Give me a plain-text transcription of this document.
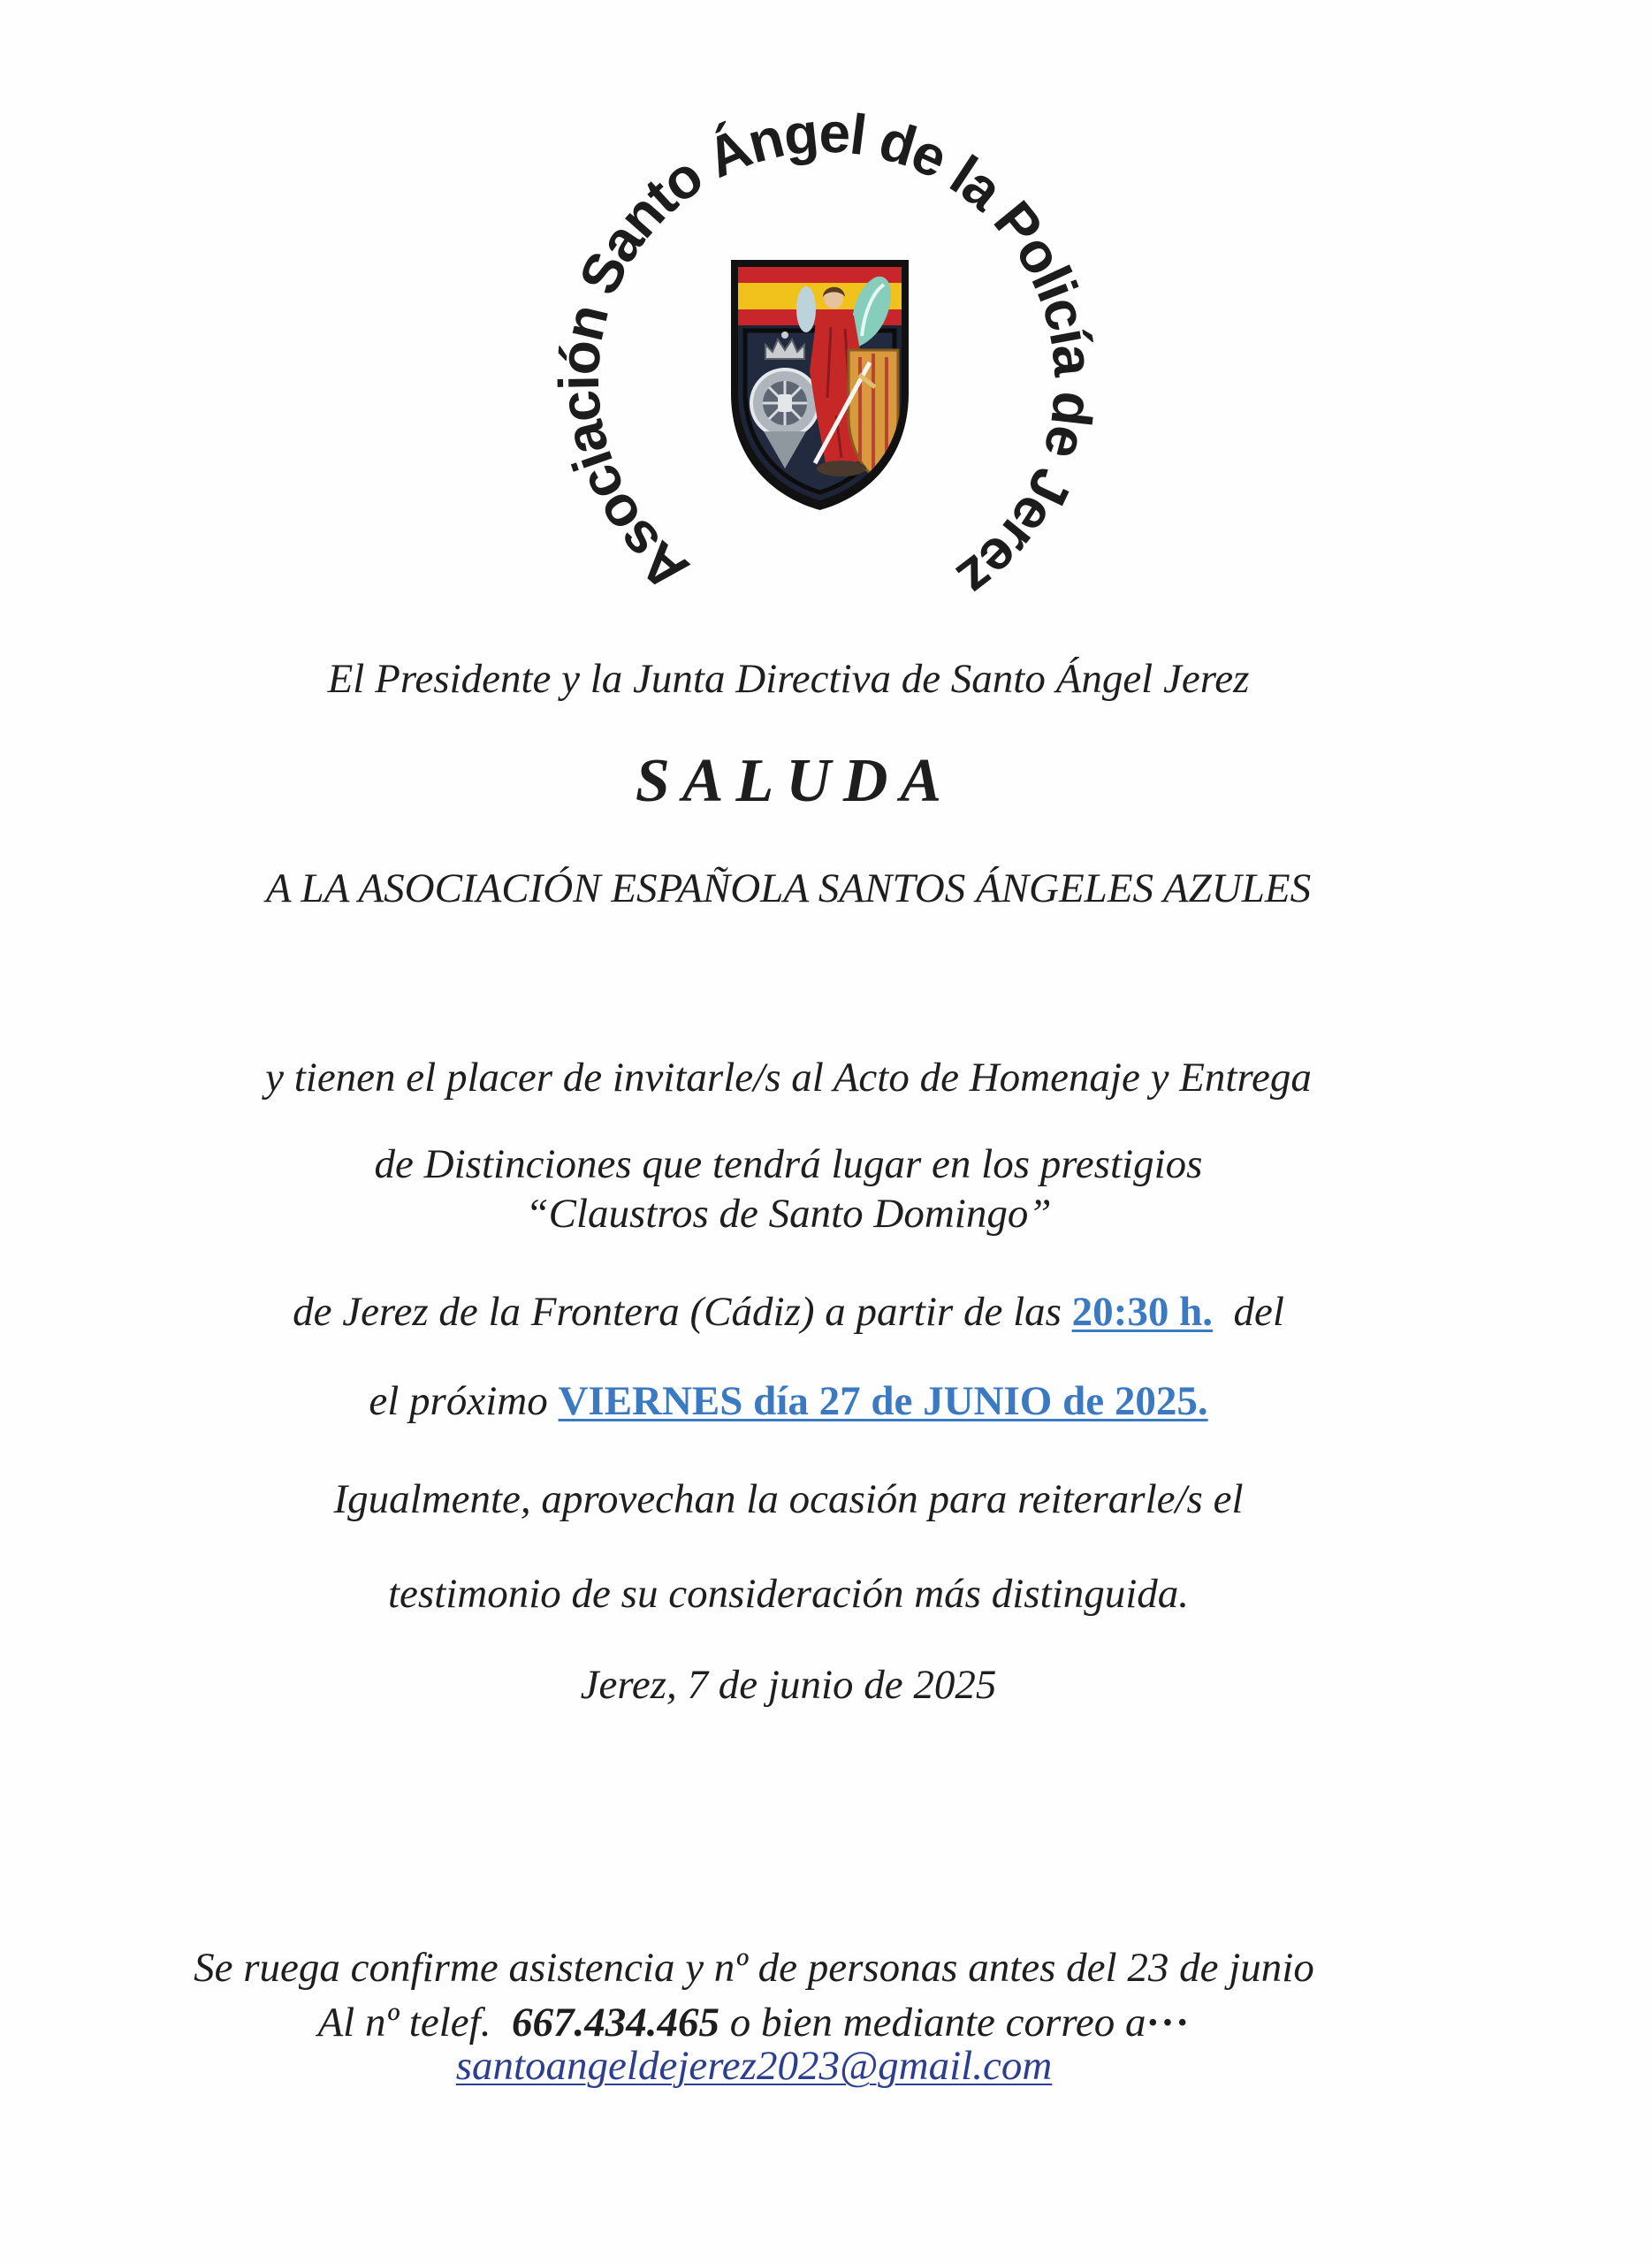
Asociación Santo Ángel de la Policía de Jerez
El Presidente y la Junta Directiva de Santo Ángel Jerez
SALUDA
A LA ASOCIACIÓN ESPAÑOLA SANTOS ÁNGELES AZULES
y tienen el placer de invitarle/s al Acto de Homenaje y Entrega
de Distinciones que tendrá lugar en los prestigios
“Claustros de Santo Domingo”
de Jerez de la Frontera (Cádiz) a partir de las 20:30 h.  del
el próximo VIERNES día 27 de JUNIO de 2025.
Igualmente, aprovechan la ocasión para reiterarle/s el
testimonio de su consideración más distinguida.
Jerez, 7 de junio de 2025
Se ruega confirme asistencia y nº de personas antes del 23 de junio
Al nº telef.  667.434.465 o bien mediante correo a···
santoangeldejerez2023@gmail.com
